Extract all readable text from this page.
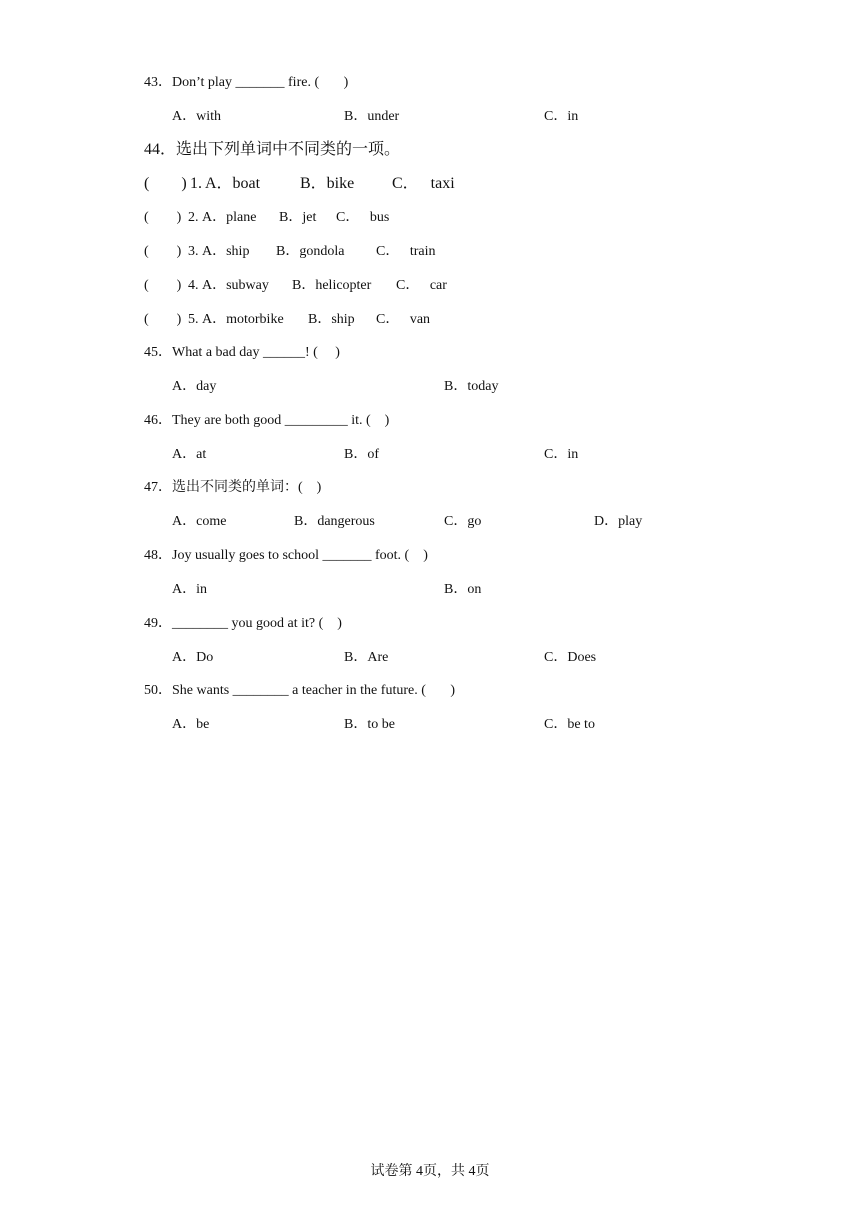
43．Don’t play _______ fire. (       )
A．with	B．under	C．in
44．选出下列单词中不同类的一项。
(        ) 1. A．boat B．bike C．   taxi
(        ) 2. A．plane B．jet C．   bus
(        ) 3. A．ship B．gondola C．   train
(        ) 4. A．subway B．helicopter C．   car
(        ) 5. A．motorbike B．ship C．   van
45．What a bad day ______! (     )
A．day	B．today
46．They are both good _________ it. (    )
A．at	B．of	C．in
47．选出不同类的单词：(    )
A．come	B．dangerous	C．go	D．play
48．Joy usually goes to school _______ foot. (    )
A．in	B．on
49．________ you good at it? (    )
A．Do	B．Are	C．Does
50．She wants ________ a teacher in the future. (       )
A．be	B．to be	C．be to
试卷第 4页，共 4页
